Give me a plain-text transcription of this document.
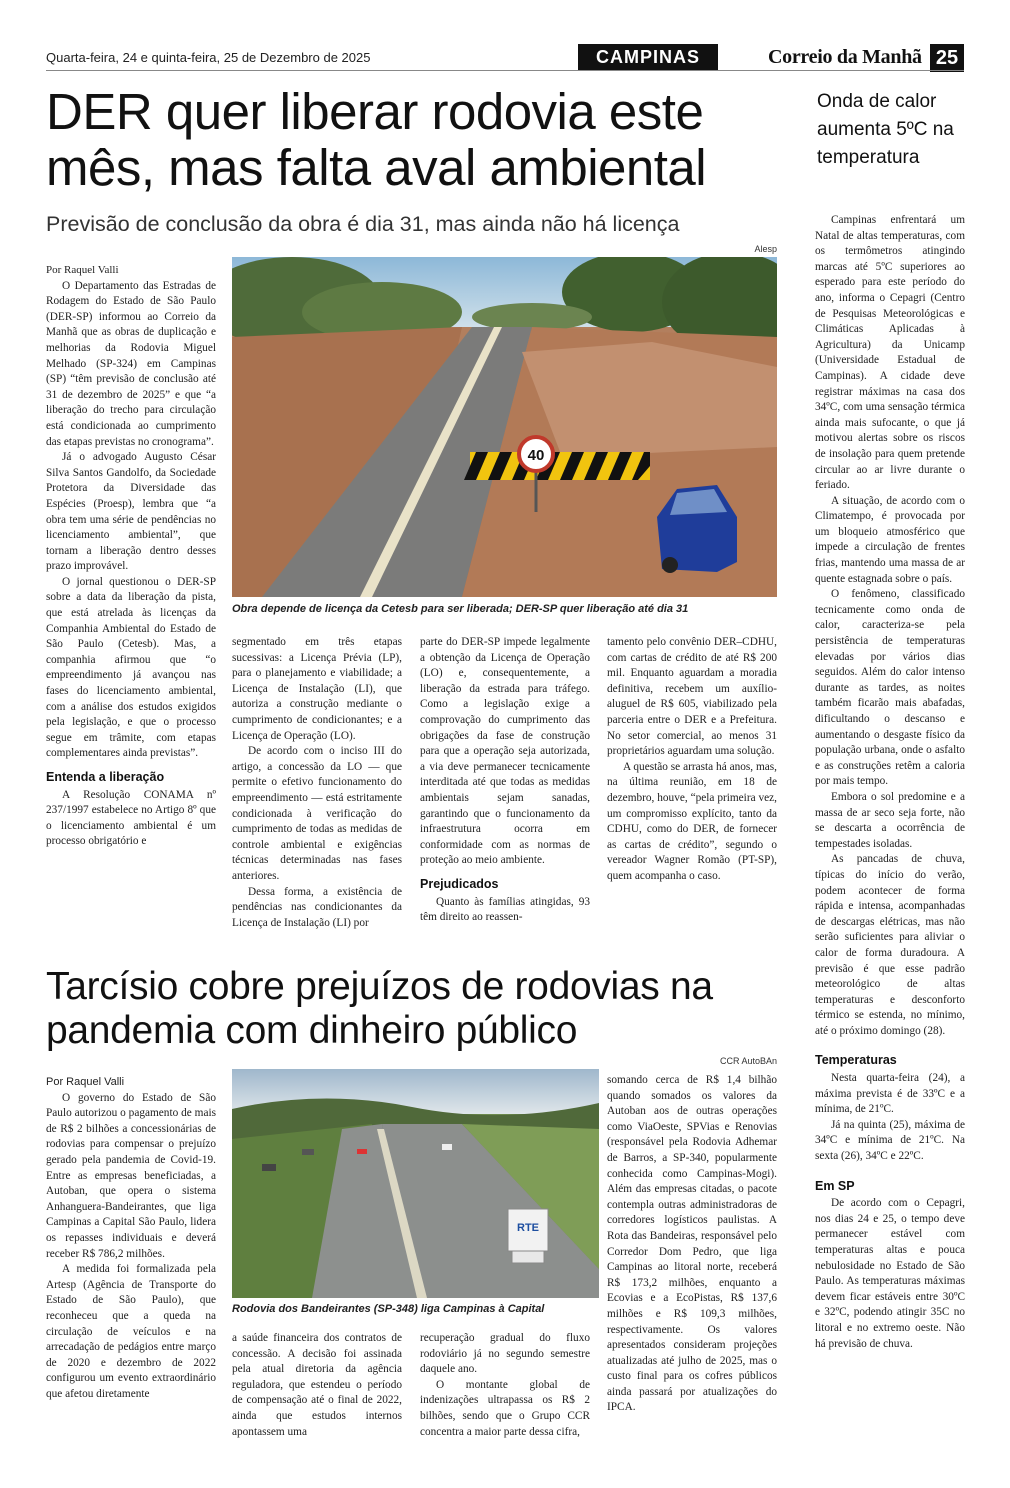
Quarta-feira, 24 e quinta-feira, 25 de Dezembro de 2025	CAMPINAS	Correio da Manhã 25
DER quer liberar rodovia este mês, mas falta aval ambiental
Previsão de conclusão da obra é dia 31, mas ainda não há licença
Alesp
40
Obra depende de licença da Cetesb para ser liberada; DER-SP quer liberação até dia 31

Por Raquel Valli

O Departamento das Estradas de Rodagem do Estado de São Paulo (DER-SP) informou ao Correio da Manhã que as obras de duplicação e melhorias da Rodovia Miguel Melhado (SP-324) em Campinas (SP) “têm previsão de conclusão até 31 de dezembro de 2025” e que “a liberação do trecho para circulação está condicionada ao cumprimento das etapas previstas no cronograma”.

Já o advogado Augusto César Silva Santos Gandolfo, da Sociedade Protetora da Diversidade das Espécies (Proesp), lembra que “a obra tem uma série de pendências no licenciamento ambiental”, que tornam a liberação dentro desses prazo improvável.

O jornal questionou o DER-SP sobre a data da liberação da pista, que está atrelada às licenças da Companhia Ambiental do Estado de São Paulo (Cetesb). Mas, a companhia afirmou que “o empreendimento já avançou nas fases do licenciamento ambiental, com a análise dos estudos exigidos pela legislação, e que o processo segue em trâmite, com etapas complementares ainda previstas”.

Entenda a liberação

A Resolução CONAMA nº 237/1997 estabelece no Artigo 8º que o licenciamento ambiental é um processo obrigatório e

segmentado em três etapas sucessivas: a Licença Prévia (LP), para o planejamento e viabilidade; a Licença de Instalação (LI), que autoriza a construção mediante o cumprimento de condicionantes; e a Licença de Operação (LO).

De acordo com o inciso III do artigo, a concessão da LO — que permite o efetivo funcionamento do empreendimento — está estritamente condicionada à verificação do cumprimento de todas as medidas de controle ambiental e exigências técnicas determinadas nas fases anteriores.

Dessa forma, a existência de pendências nas condicionantes da Licença de Instalação (LI) por

parte do DER-SP impede legalmente a obtenção da Licença de Operação (LO) e, consequentemente, a liberação da estrada para tráfego. Como a legislação exige a comprovação do cumprimento das obrigações da fase de construção para que a operação seja autorizada, a via deve permanecer tecnicamente interditada até que todas as medidas ambientais sejam sanadas, garantindo que o funcionamento da infraestrutura ocorra em conformidade com as normas de proteção ao meio ambiente.

Prejudicados

Quanto às famílias atingidas, 93 têm direito ao reassen-

tamento pelo convênio DER–CDHU, com cartas de crédito de até R$ 200 mil. Enquanto aguardam a moradia definitiva, recebem um auxílio-aluguel de R$ 605, viabilizado pela parceria entre o DER e a Prefeitura. No setor comercial, ao menos 31 proprietários aguardam uma solução.

A questão se arrasta há anos, mas, na última reunião, em 18 de dezembro, houve, “pela primeira vez, um compromisso explícito, tanto da CDHU, como do DER, de fornecer as cartas de crédito”, segundo o vereador Wagner Romão (PT-SP), quem acompanha o caso.

Tarcísio cobre prejuízos de rodovias na pandemia com dinheiro público
CCR AutoBAn
RTE
Rodovia dos Bandeirantes (SP-348) liga Campinas à Capital

Por Raquel Valli

O governo do Estado de São Paulo autorizou o pagamento de mais de R$ 2 bilhões a concessionárias de rodovias para compensar o prejuízo gerado pela pandemia de Covid-19. Entre as empresas beneficiadas, a Autoban, que opera o sistema Anhanguera-Bandeirantes, que liga Campinas a Capital São Paulo, lidera os repasses individuais e deverá receber R$ 786,2 milhões.

A medida foi formalizada pela Artesp (Agência de Transporte do Estado de São Paulo), que reconheceu que a queda na circulação de veículos e na arrecadação de pedágios entre março de 2020 e dezembro de 2022 configurou um evento extraordinário que afetou diretamente

a saúde financeira dos contratos de concessão. A decisão foi assinada pela atual diretoria da agência reguladora, que estendeu o período de compensação até o final de 2022, ainda que estudos internos apontassem uma

recuperação gradual do fluxo rodoviário já no segundo semestre daquele ano.

O montante global de indenizações ultrapassa os R$ 2 bilhões, sendo que o Grupo CCR concentra a maior parte dessa cifra,

somando cerca de R$ 1,4 bilhão quando somados os valores da Autoban aos de outras operações como ViaOeste, SPVias e Renovias (responsável pela Rodovia Adhemar de Barros, a SP-340, popularmente conhecida como Campinas-Mogi). Além das empresas citadas, o pacote contempla outras administradoras de corredores logísticos paulistas. A Rota das Bandeiras, responsável pelo Corredor Dom Pedro, que liga Campinas ao litoral norte, receberá R$ 173,2 milhões, enquanto a Ecovias e a EcoPistas, R$ 137,6 milhões e R$ 109,3 milhões, respectivamente. Os valores apresentados consideram projeções atualizadas até julho de 2025, mas o custo final para os cofres públicos ainda passará por atualizações do IPCA.

Onda de calor aumenta 5ºC na temperatura

Campinas enfrentará um Natal de altas temperaturas, com os termômetros atingindo marcas até 5ºC superiores ao esperado para este período do ano, informa o Cepagri (Centro de Pesquisas Meteorológicas e Climáticas Aplicadas à Agricultura) da Unicamp (Universidade Estadual de Campinas). A cidade deve registrar máximas na casa dos 34ºC, com uma sensação térmica ainda mais sufocante, o que já motivou alertas sobre os riscos de insolação para quem pretende circular ao ar livre durante o feriado.

A situação, de acordo com o Climatempo, é provocada por um bloqueio atmosférico que impede a circulação de frentes frias, mantendo uma massa de ar quente estagnada sobre o país.

O fenômeno, classificado tecnicamente como onda de calor, caracteriza-se pela persistência de temperaturas elevadas por vários dias seguidos. Além do calor intenso durante as tardes, as noites também ficarão mais abafadas, dificultando o descanso e aumentando o desgaste físico da população urbana, onde o asfalto e as construções retêm a caloria por mais tempo.

Embora o sol predomine e a massa de ar seco seja forte, não se descarta a ocorrência de tempestades isoladas.

As pancadas de chuva, típicas do início do verão, podem acontecer de forma rápida e intensa, acompanhadas de descargas elétricas, mas não serão suficientes para aliviar o calor de forma duradoura. A previsão é que esse padrão meteorológico de altas temperaturas e desconforto térmico se estenda, no mínimo, até o próximo domingo (28).

Temperaturas

Nesta quarta-feira (24), a máxima prevista é de 33ºC e a mínima, de 21ºC.

Já na quinta (25), máxima de 34ºC e mínima de 21ºC. Na sexta (26), 34ºC e 22ºC.

Em SP

De acordo com o Cepagri, nos dias 24 e 25, o tempo deve permanecer estável com temperaturas altas e pouca nebulosidade no Estado de São Paulo. As temperaturas máximas devem ficar estáveis entre 30ºC e 32ºC, podendo atingir 35C no litoral e no extremo oeste. Não há previsão de chuva.
